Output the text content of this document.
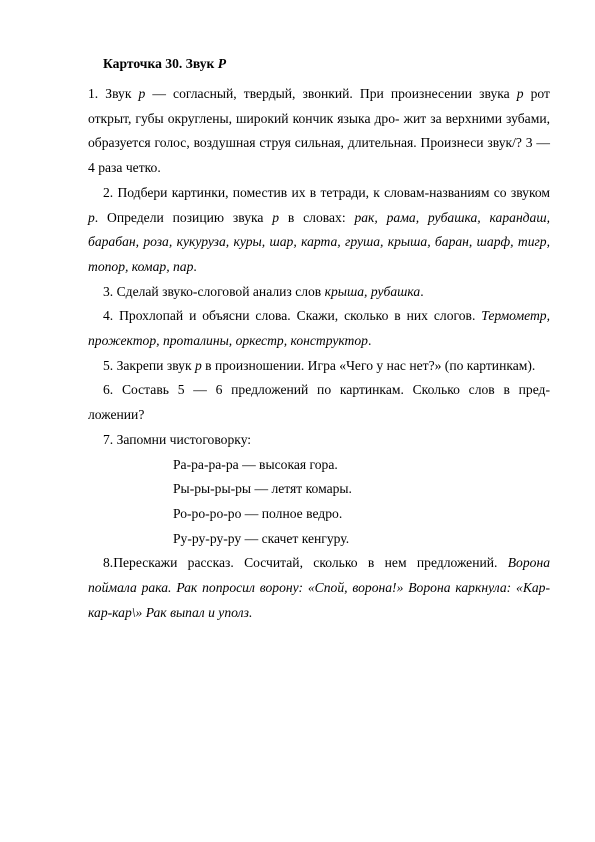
Карточка 30. Звук Р

1. Звук р — согласный, твердый, звонкий. При произнесении звука р рот открыт, губы округлены, широкий кончик языка дро- жит за верхними зубами, образуется голос, воздушная струя сильная, длительная. Произнеси звук/? 3 — 4 раза четко.

2. Подбери картинки, поместив их в тетради, к словам-названиям со звуком р. Определи позицию звука р в словах: рак, рама, рубашка, карандаш, барабан, роза, кукуруза, куры, шар, карта, груша, крыша, баран, шарф, тигр, топор, комар, пар.

3. Сделай звуко-слоговой анализ слов крыша, рубашка.

4. Прохлопай и объясни слова. Скажи, сколько в них слогов. Термометр, прожектор, проталины, оркестр, конструктор.

5. Закрепи звук р в произношении. Игра «Чего у нас нет?» (по картинкам).

6. Составь 5 — 6 предложений по картинкам. Сколько слов в пред- ложении?

7. Запомни чистоговорку:

Ра-ра-ра-ра — высокая гора.
Ры-ры-ры-ры — летят комары.
Ро-ро-ро-ро — полное ведро.
Ру-ру-ру-ру — скачет кенгуру.

8.Перескажи рассказ. Сосчитай, сколько в нем предложений. Ворона поймала рака. Рак попросил ворону: «Спой, ворона!» Ворона каркнула: «Кар-кар-кар\» Рак выпал и уполз.
